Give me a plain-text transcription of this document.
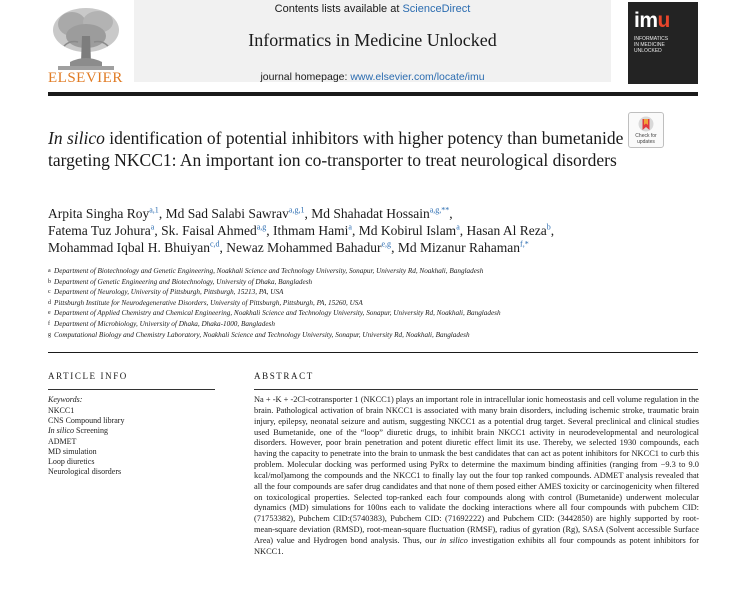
ELSEVIER
Contents lists available at ScienceDirect
Informatics in Medicine Unlocked
journal homepage: www.elsevier.com/locate/imu
imu
INFORMATICS
IN MEDICINE
UNLOCKED
Check for updates
In silico identification of potential inhibitors with higher potency than bumetanide targeting NKCC1: An important ion co-transporter to treat neurological disorders
Arpita Singha Roy$^{a,1}$, Md Sad Salabi Sawrav$^{a,g,1}$, Md Shahadat Hossain$^{a,g,**}$,
Fatema Tuz Johura$^a$, Sk. Faisal Ahmed$^{a,g}$, Ithmam Hami$^a$, Md Kobirul Islam$^a$, Hasan Al Reza$^b$,
Mohammad Iqbal H. Bhuiyan$^{c,d}$, Newaz Mohammed Bahadur$^{e,g}$, Md Mizanur Rahaman$^{f,*}$
a Department of Biotechnology and Genetic Engineering, Noakhali Science and Technology University, Sonapur, University Rd, Noakhali, Bangladesh
b Department of Genetic Engineering and Biotechnology, University of Dhaka, Bangladesh
c Department of Neurology, University of Pittsburgh, Pittsburgh, 15213, PA, USA
d Pittsburgh Institute for Neurodegenerative Disorders, University of Pittsburgh, Pittsburgh, PA, 15260, USA
e Department of Applied Chemistry and Chemical Engineering, Noakhali Science and Technology University, Sonapur, University Rd, Noakhali, Bangladesh
f Department of Microbiology, University of Dhaka, Dhaka-1000, Bangladesh
g Computational Biology and Chemistry Laboratory, Noakhali Science and Technology University, Sonapur, University Rd, Noakhali, Bangladesh
ARTICLE INFO
Keywords:
NKCC1
CNS Compound library
In silico Screening
ADMET
MD simulation
Loop diuretics
Neurological disorders
ABSTRACT
Na + -K + -2Cl-cotransporter 1 (NKCC1) plays an important role in intracellular ionic homeostasis and cell volume regulation in the brain. Pathological activation of brain NKCC1 is associated with many brain disorders, including ischemic stroke, traumatic brain injury, epilepsy, neonatal seizure and autism, suggesting NKCC1 as a potential drug target. Several preclinical and clinical studies used Bumetanide, one of the “loop” diuretic drugs, to inhibit brain NKCC1 activity in neurodevelopmental and neurological disorders. However, poor brain penetration and potent diuretic effect limit its use. Thereby, we selected 1930 compounds, each having the capacity to penetrate into the brain to unmask the best candidates that can act as potent inhibitors for NKCC1 to curb this problem. Molecular docking was performed using PyRx to determine the maximum binding affinities (ranging from −9.3 to 9.0 kcal/mol)among the compounds and the NKCC1 to finally lay out the four top ranked compounds. ADMET analysis revealed that all the four compounds are safer drug candidates and that none of them posed either AMES toxicity or carcinogenicity when filtered on toxicological properties. Selected top-ranked each four compounds along with control (Bumetanide) underwent molecular dynamics (MD) simulations for 100ns each to validate the docking interactions where all four compounds with pubchem CID: (71753382), Pubchem CID:(5740383), Pubchem CID: (71692222) and Pubchem CID: (3442850) are highly supported by root-mean-square deviation (RMSD), root-mean-square fluctuation (RMSF), radius of gyration (Rg), SASA (Solvent accessible Surface Area) value and Hydrogen bond analysis. Thus, our in silico investigation exhibits all four compounds as potent inhibitors for NKCC1.
